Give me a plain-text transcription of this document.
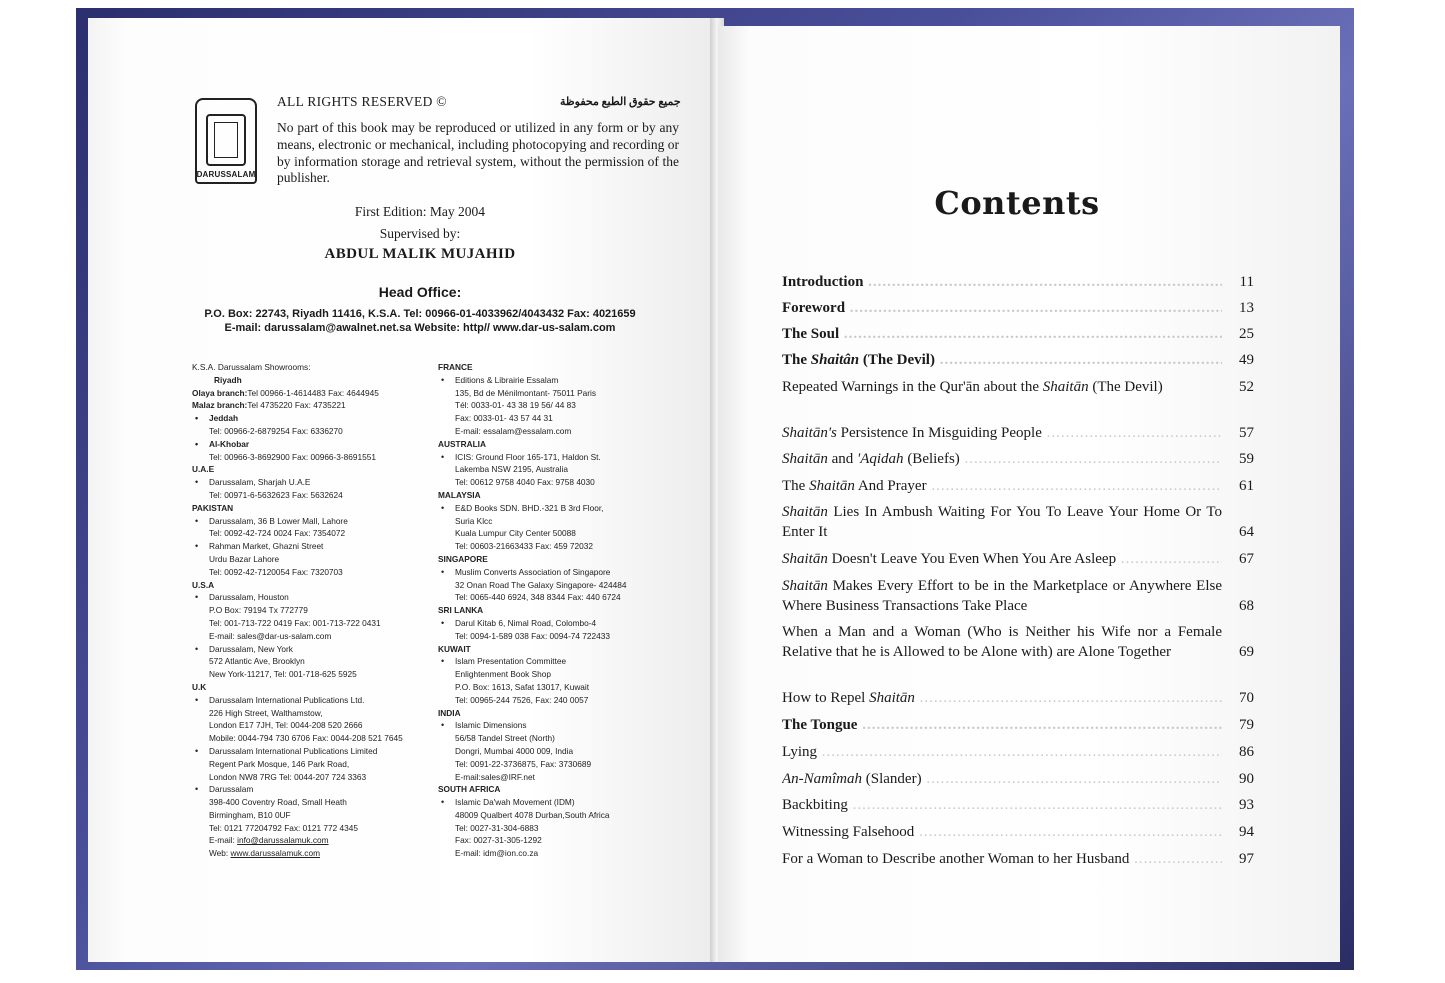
DARUSSALAM
ALL RIGHTS RESERVED ©	جميع حقوق الطبع محفوظة
No part of this book may be reproduced or utilized in any form or by any means, electronic or mechanical, including photocopying and recording or by information storage and retrieval system, without the permission of the publisher.
First Edition: May 2004
Supervised by:
ABDUL MALIK MUJAHID
Head Office:
P.O. Box: 22743, Riyadh 11416, K.S.A. Tel: 00966-01-4033962/4043432 Fax: 4021659
E-mail: darussalam@awalnet.net.sa Website: http// www.dar-us-salam.com
K.S.A. Darussalam Showrooms:
Riyadh
Olaya branch:Tel 00966-1-4614483 Fax: 4644945
Malaz branch:Tel 4735220 Fax: 4735221
• Jeddah
Tel: 00966-2-6879254 Fax: 6336270
• Al-Khobar
Tel: 00966-3-8692900 Fax: 00966-3-8691551
U.A.E
• Darussalam, Sharjah U.A.E
Tel: 00971-6-5632623 Fax: 5632624
PAKISTAN
• Darussalam, 36 B Lower Mall, Lahore
Tel: 0092-42-724 0024 Fax: 7354072
• Rahman Market, Ghazni Street
Urdu Bazar Lahore
Tel: 0092-42-7120054 Fax: 7320703
U.S.A
• Darussalam, Houston
P.O Box: 79194 Tx 772779
Tel: 001-713-722 0419 Fax: 001-713-722 0431
E-mail: sales@dar-us-salam.com
• Darussalam, New York
572 Atlantic Ave, Brooklyn
New York-11217, Tel: 001-718-625 5925
U.K
• Darussalam International Publications Ltd.
226 High Street, Walthamstow,
London E17 7JH, Tel: 0044-208 520 2666
Mobile: 0044-794 730 6706 Fax: 0044-208 521 7645
• Darussalam International Publications Limited
Regent Park Mosque, 146 Park Road,
London NW8 7RG Tel: 0044-207 724 3363
• Darussalam
398-400 Coventry Road, Small Heath
Birmingham, B10 0UF
Tel: 0121 77204792 Fax: 0121 772 4345
E-mail: info@darussalamuk.com
Web: www.darussalamuk.com
FRANCE
• Editions & Librairie Essalam
135, Bd de Ménilmontant- 75011 Paris
Tél: 0033-01- 43 38 19 56/ 44 83
Fax: 0033-01- 43 57 44 31
E-mail: essalam@essalam.com
AUSTRALIA
• ICIS: Ground Floor 165-171, Haldon St.
Lakemba NSW 2195, Australia
Tel: 00612 9758 4040 Fax: 9758 4030
MALAYSIA
• E&D Books SDN. BHD.-321 B 3rd Floor,
Suria Klcc
Kuala Lumpur City Center 50088
Tel: 00603-21663433 Fax: 459 72032
SINGAPORE
• Muslim Converts Association of Singapore
32 Onan Road The Galaxy Singapore- 424484
Tel: 0065-440 6924, 348 8344 Fax: 440 6724
SRI LANKA
• Darul Kitab 6, Nimal Road, Colombo-4
Tel: 0094-1-589 038 Fax: 0094-74 722433
KUWAIT
• Islam Presentation Committee
Enlightenment Book Shop
P.O. Box: 1613, Safat 13017, Kuwait
Tel: 00965-244 7526, Fax: 240 0057
INDIA
• Islamic Dimensions
56/58 Tandel Street (North)
Dongri, Mumbai 4000 009, India
Tel: 0091-22-3736875, Fax: 3730689
E-mail:sales@IRF.net
SOUTH AFRICA
• Islamic Da'wah Movement (IDM)
48009 Qualbert 4078 Durban,South Africa
Tel: 0027-31-304-6883
Fax: 0027-31-305-1292
E-mail: idm@ion.co.za
Contents
Introduction .....	11
Foreword .....	13
The Soul .....	25
The Shaitân (The Devil) .....	49
Repeated Warnings in the Qur'ān about the Shaitān (The Devil)	52
Shaitān's Persistence In Misguiding People .....	57
Shaitān and 'Aqidah (Beliefs) .....	59
The Shaitān And Prayer .....	61
Shaitān Lies In Ambush Waiting For You To Leave Your Home Or To Enter It	64
Shaitān Doesn't Leave You Even When You Are Asleep .....	67
Shaitān Makes Every Effort to be in the Marketplace or Anywhere Else Where Business Transactions Take Place	68
When a Man and a Woman (Who is Neither his Wife nor a Female Relative that he is Allowed to be Alone with) are Alone Together	69
How to Repel Shaitān .....	70
The Tongue .....	79
Lying .....	86
An-Namîmah (Slander) .....	90
Backbiting .....	93
Witnessing Falsehood .....	94
For a Woman to Describe another Woman to her Husband .....	97
